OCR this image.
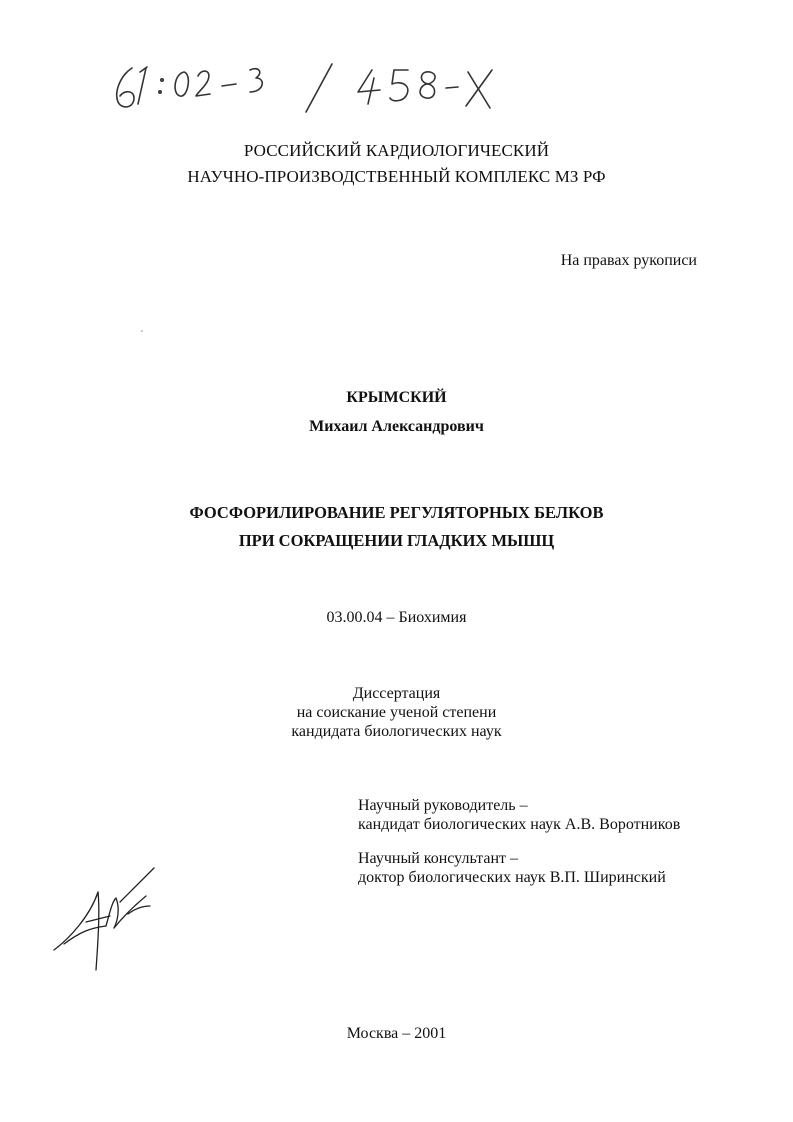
РОССИЙСКИЙ КАРДИОЛОГИЧЕСКИЙ
НАУЧНО-ПРОИЗВОДСТВЕННЫЙ КОМПЛЕКС МЗ РФ
На правах рукописи
КРЫМСКИЙ
Михаил Александрович
ФОСФОРИЛИРОВАНИЕ РЕГУЛЯТОРНЫХ БЕЛКОВ
ПРИ СОКРАЩЕНИИ ГЛАДКИХ МЫШЦ
03.00.04 – Биохимия
Диссертация
на соискание ученой степени
кандидата биологических наук
Научный руководитель –
кандидат биологических наук А.В. Воротников
Научный консультант –
доктор биологических наук В.П. Ширинский
Москва – 2001
